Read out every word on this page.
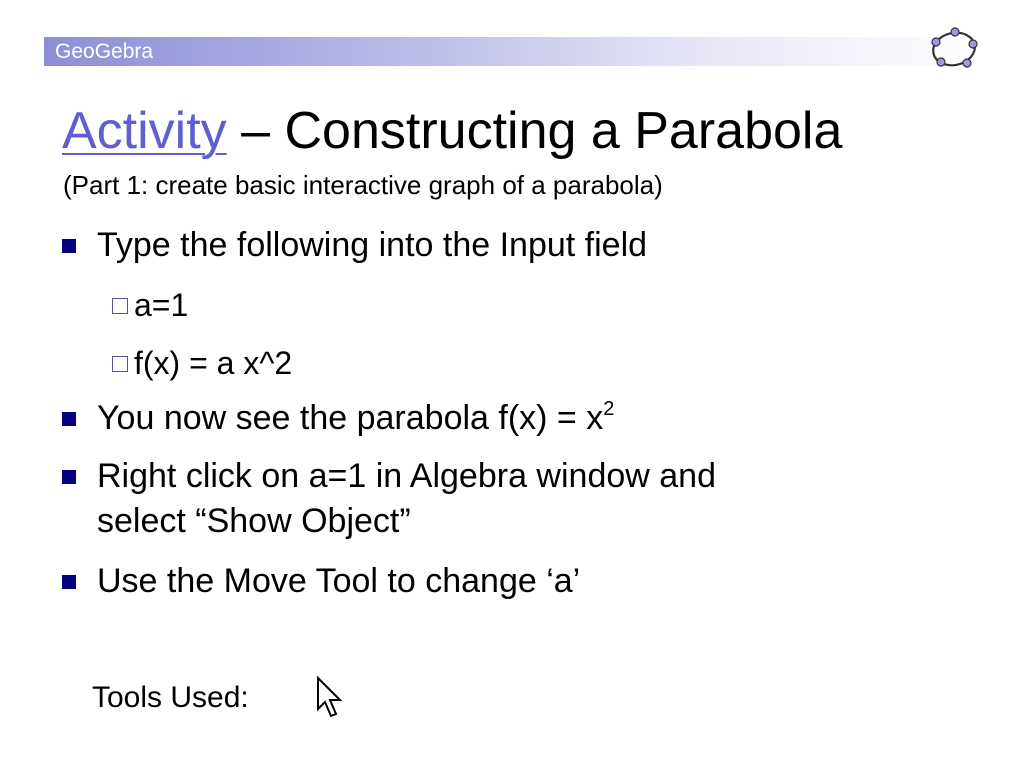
GeoGebra
Activity – Constructing a Parabola
(Part 1: create basic interactive graph of a parabola)
Type the following into the Input field
a=1
f(x) = a x^2
You now see the parabola $f(x) = x^2$
Right click on a=1 in Algebra window and
select “Show Object”
Use the Move Tool to change ‘a’
Tools Used:
